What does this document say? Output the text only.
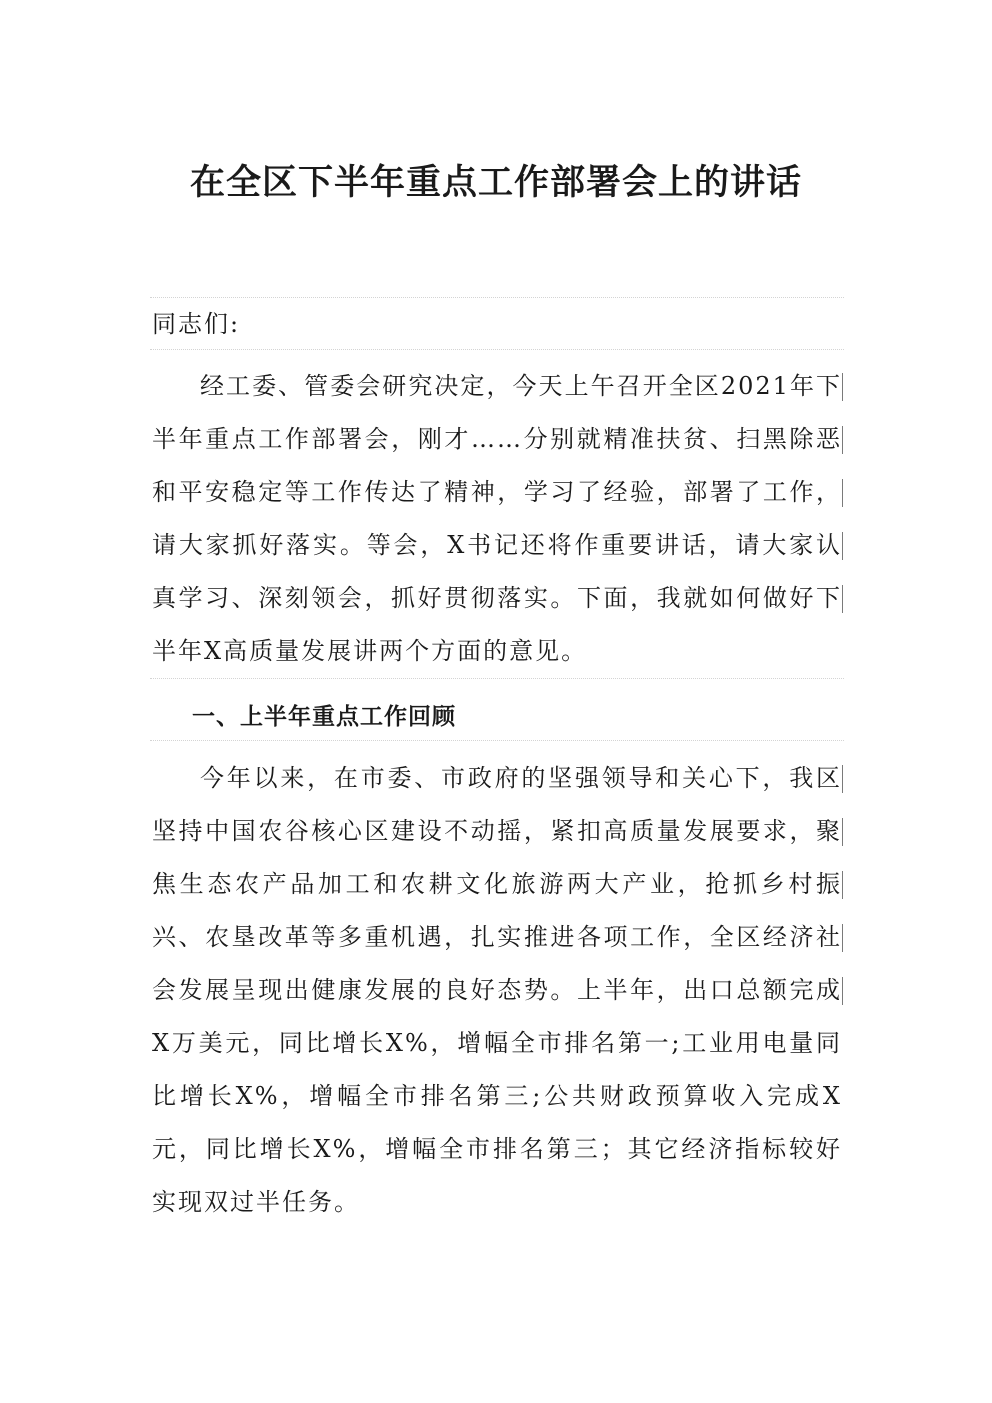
在全区下半年重点工作部署会上的讲话

同志们:

经工委、管委会研究决定，今天上午召开全区2021年下半年重点工作部署会，刚才……分别就精准扶贫、扫黑除恶和平安稳定等工作传达了精神，学习了经验，部署了工作，请大家抓好落实。等会，X书记还将作重要讲话，请大家认真学习、深刻领会，抓好贯彻落实。下面，我就如何做好下半年X高质量发展讲两个方面的意见。

一、上半年重点工作回顾

今年以来，在市委、市政府的坚强领导和关心下，我区坚持中国农谷核心区建设不动摇，紧扣高质量发展要求，聚焦生态农产品加工和农耕文化旅游两大产业，抢抓乡村振兴、农垦改革等多重机遇，扎实推进各项工作，全区经济社会发展呈现出健康发展的良好态势。上半年，出口总额完成X万美元，同比增长X%，增幅全市排名第一;工业用电量同比增长X%，增幅全市排名第三;公共财政预算收入完成X元，同比增长X%，增幅全市排名第三；其它经济指标较好实现双过半任务。
